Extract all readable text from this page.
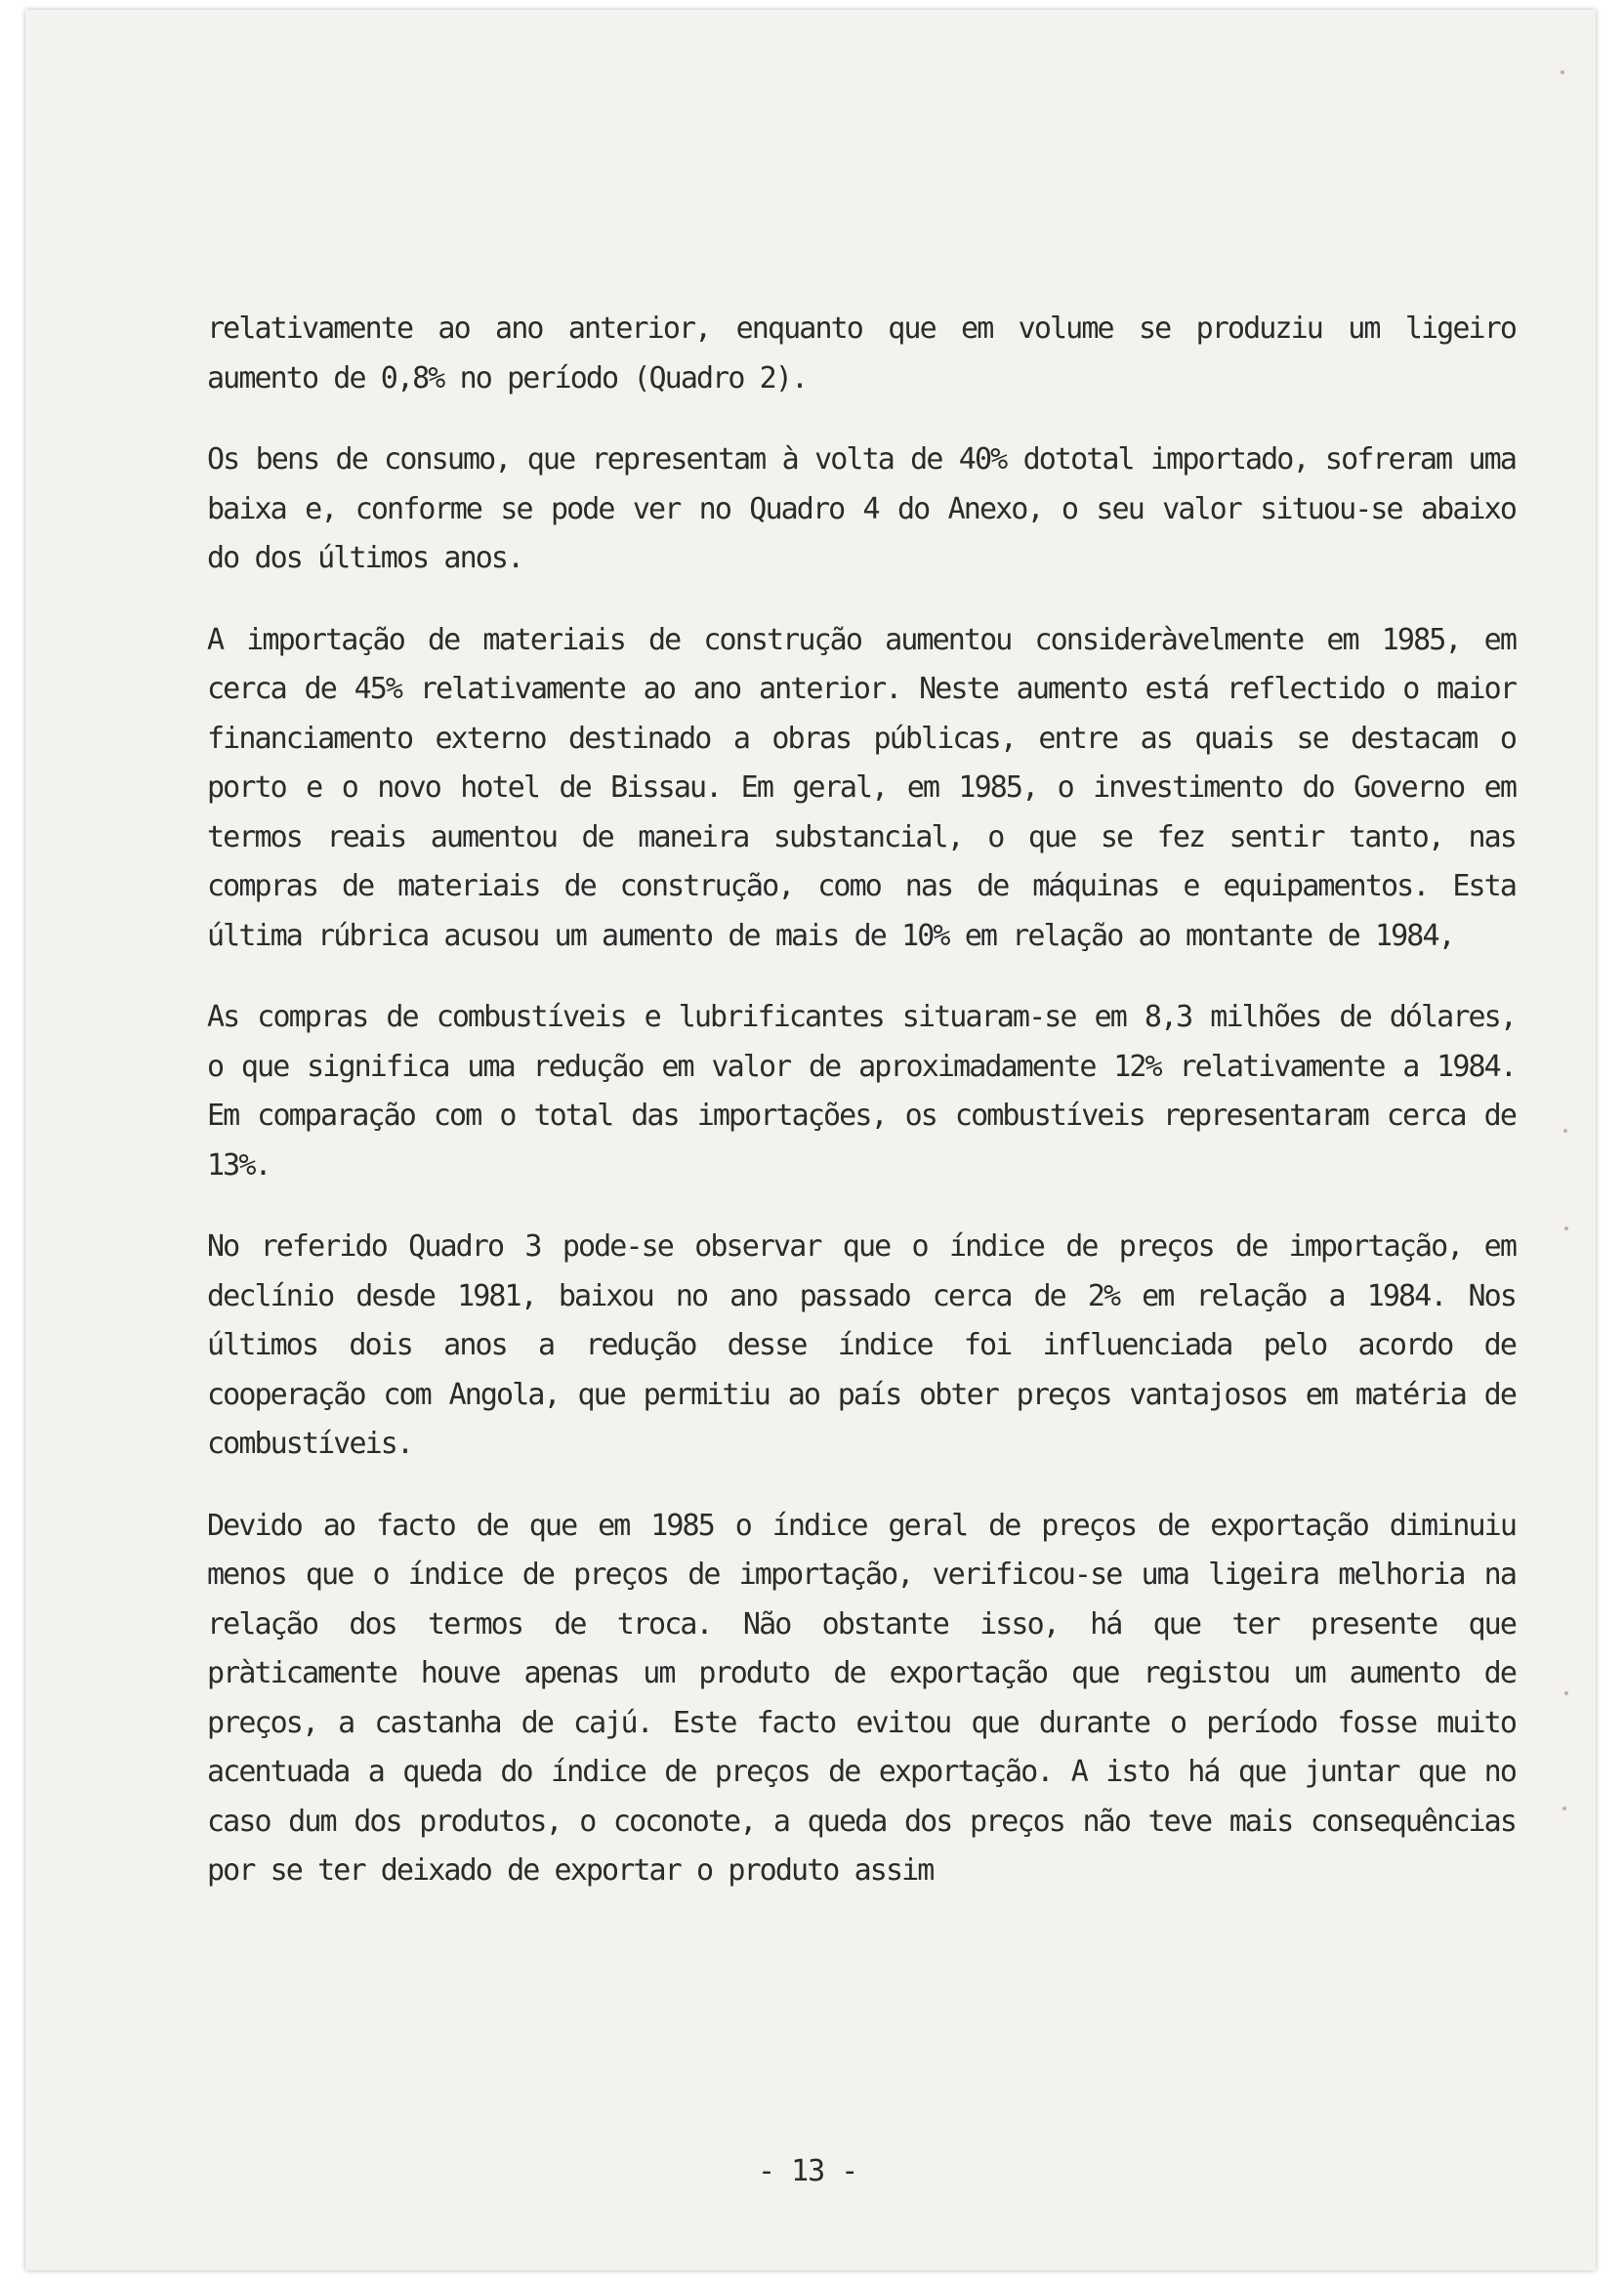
relativamente ao ano anterior, enquanto que em volume se produziu um ligeiro aumento de 0,8% no período (Quadro 2).

Os bens de consumo, que representam à volta de 40% dototal importado, sofreram uma baixa e, conforme se pode ver no Quadro 4 do Anexo, o seu valor situou-se abaixo do dos últimos anos.

A importação de materiais de construção aumentou consideràvelmente em 1985, em cerca de 45% relativamente ao ano anterior. Neste aumento está reflectido o maior financiamento externo destinado a obras públicas, entre as quais se destacam o porto e o novo hotel de Bissau. Em geral, em 1985, o investimento do Governo em termos reais aumentou de maneira substancial, o que se fez sentir tanto, nas compras de materiais de construção, como nas de máquinas e equipamentos. Esta última rúbrica acusou um aumento de mais de 10% em relação ao montante de 1984,

As compras de combustíveis e lubrificantes situaram-se em 8,3 milhões de dólares, o que significa uma redução em valor de aproximadamente 12% relativamente a 1984. Em comparação com o total das importações, os combustíveis representaram cerca de 13%.

No referido Quadro 3 pode-se observar que o índice de preços de importação, em declínio desde 1981, baixou no ano passado cerca de 2% em relação a 1984. Nos últimos dois anos a redução desse índice foi influenciada pelo acordo de cooperação com Angola, que permitiu ao país obter preços vantajosos em matéria de combustíveis.

Devido ao facto de que em 1985 o índice geral de preços de exportação diminuiu menos que o índice de preços de importação, verificou-se uma ligeira melhoria na relação dos termos de troca. Não obstante isso, há que ter presente que pràticamente houve apenas um produto de exportação que registou um aumento de preços, a castanha de cajú. Este facto evitou que durante o período fosse muito acentuada a queda do índice de preços de exportação. A isto há que juntar que no caso dum dos produtos, o coconote, a queda dos preços não teve mais consequências por se ter deixado de exportar o produto assim

- 13 -
